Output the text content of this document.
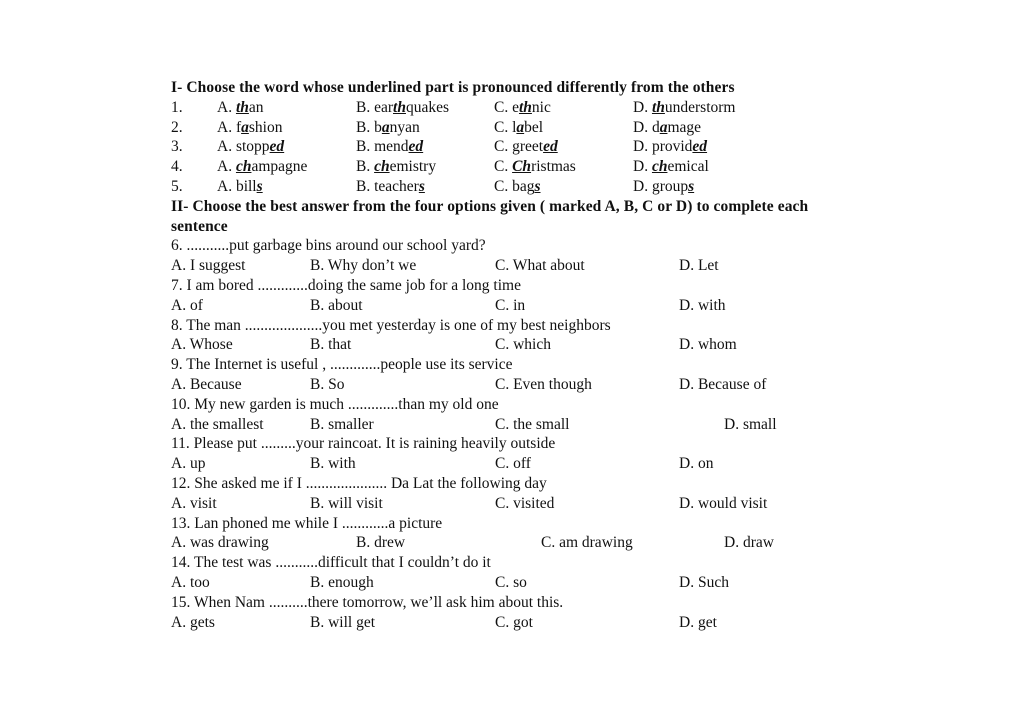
I- Choose the word whose underlined part is pronounced differently from the others
1. A. than	B. earthquakes	C. ethnic	D. thunderstorm
2. A. fashion	B. banyan	C. label	D. damage
3. A. stopped	B. mended	C. greeted	D. provided
4. A. champagne	B. chemistry	C. Christmas	D. chemical
5. A. bills	B. teachers	C. bags	D. groups
II- Choose the best answer from the four options given ( marked A, B, C or D) to complete each sentence
6. ...........put garbage bins around our school yard?
A. I suggest	B. Why don’t we	C. What about	D. Let
7. I am bored .............doing the same job for a long time
A. of	B. about	C. in	D. with
8. The man ....................you met yesterday is one of my best neighbors
A. Whose	B. that	C. which	D. whom
9. The Internet is useful , .............people use its service
A. Because	B. So	C. Even though	D. Because of
10. My new garden is much .............than my old one
A. the smallest	B. smaller	C. the small	D. small
11. Please put .........your raincoat. It is raining heavily outside
A. up	B. with	C. off	D. on
12. She asked me if I ..................... Da Lat the following day
A. visit	B. will visit	C. visited	D. would visit
13. Lan phoned me while I ............a picture
A. was drawing	B. drew	C. am drawing	D. draw
14. The test was ...........difficult that I couldn’t do it
A. too	B. enough	C. so	D. Such
15. When Nam ..........there tomorrow, we’ll ask him about this.
A. gets	B. will get	C. got	D. get
